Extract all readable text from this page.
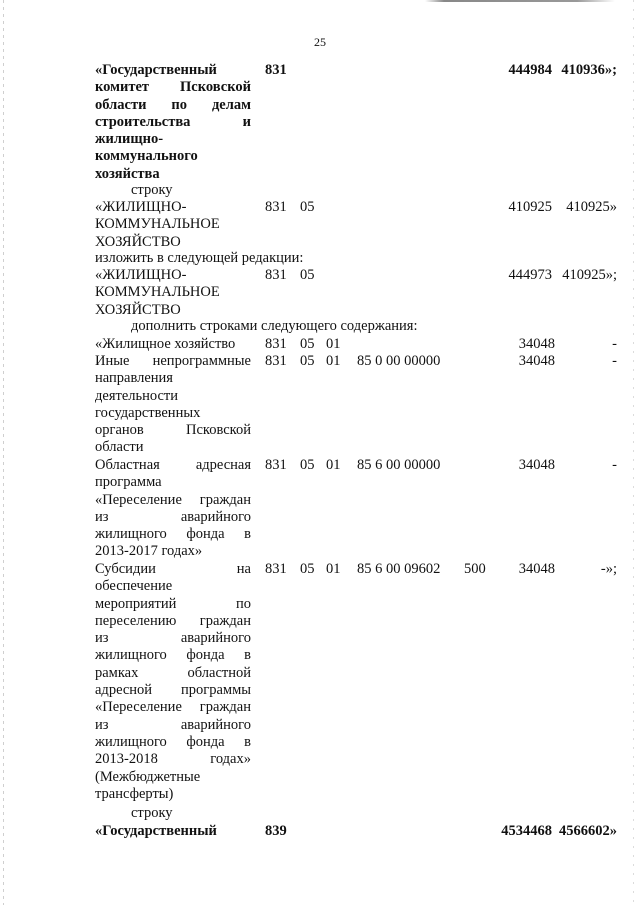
25
«Государственный
комитет Псковской
области по делам
строительства и
жилищно-
коммунального
хозяйства
831	444984 410936»;
строку
«ЖИЛИЩНО-
КОММУНАЛЬНОЕ
ХОЗЯЙСТВО
831 05	410925 410925»
изложить в следующей редакции:
«ЖИЛИЩНО-
КОММУНАЛЬНОЕ
ХОЗЯЙСТВО
831 05	444973 410925»;
дополнить строками следующего содержания:
«Жилищное хозяйство 831 05 01	34048	-
Иные непрограммные
направления
деятельности
государственных
органов Псковской
области
831 05 01 85 0 00 00000	34048	-
Областная адресная
программа
«Переселение граждан
из аварийного
жилищного фонда в
2013-2017 годах»
831 05 01 85 6 00 00000	34048	-
Субсидии на
обеспечение
мероприятий по
переселению граждан
из аварийного
жилищного фонда в
рамках областной
адресной программы
«Переселение граждан
из аварийного
жилищного фонда в
2013-2018 годах»
(Межбюджетные
трансферты)
831 05 01 85 6 00 09602 500 34048	-»;
строку
«Государственный	839	4534468 4566602»
